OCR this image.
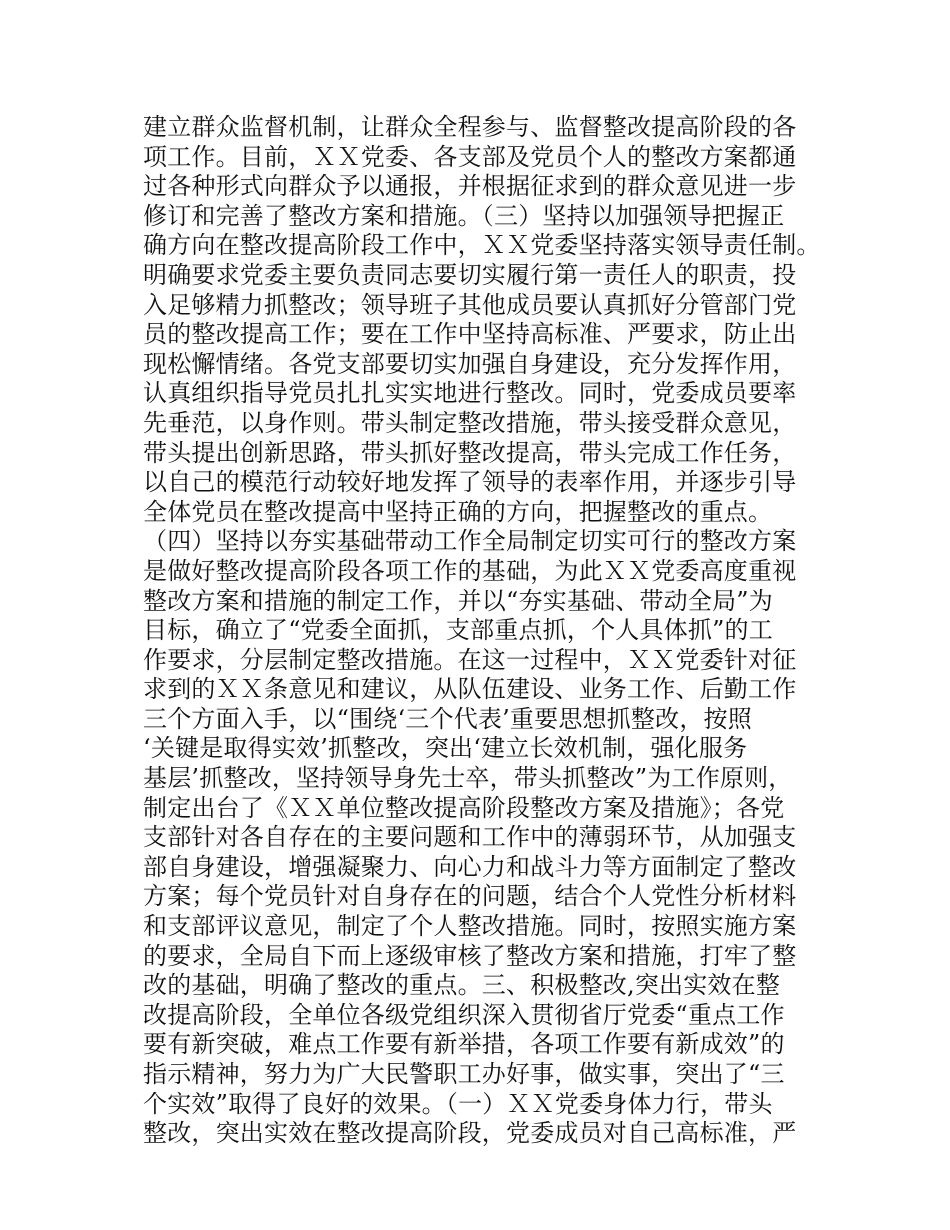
建立群众监督机制，让群众全程参与、监督整改提高阶段的各
项工作。目前，ＸＸ党委、各支部及党员个人的整改方案都通
过各种形式向群众予以通报，并根据征求到的群众意见进一步
修订和完善了整改方案和措施。（三）坚持以加强领导把握正
确方向在整改提高阶段工作中，ＸＸ党委坚持落实领导责任制。
明确要求党委主要负责同志要切实履行第一责任人的职责，投
入足够精力抓整改；领导班子其他成员要认真抓好分管部门党
员的整改提高工作；要在工作中坚持高标准、严要求，防止出
现松懈情绪。各党支部要切实加强自身建设，充分发挥作用，
认真组织指导党员扎扎实实地进行整改。同时，党委成员要率
先垂范，以身作则。带头制定整改措施，带头接受群众意见，
带头提出创新思路，带头抓好整改提高，带头完成工作任务，
以自己的模范行动较好地发挥了领导的表率作用，并逐步引导
全体党员在整改提高中坚持正确的方向，把握整改的重点。
（四）坚持以夯实基础带动工作全局制定切实可行的整改方案
是做好整改提高阶段各项工作的基础，为此ＸＸ党委高度重视
整改方案和措施的制定工作，并以“夯实基础、带动全局”为
目标，确立了“党委全面抓，支部重点抓，个人具体抓”的工
作要求，分层制定整改措施。在这一过程中，ＸＸ党委针对征
求到的ＸＸ条意见和建议，从队伍建设、业务工作、后勤工作
三个方面入手，以“围绕‘三个代表’重要思想抓整改，按照
‘关键是取得实效’抓整改，突出‘建立长效机制，强化服务
基层’抓整改，坚持领导身先士卒，带头抓整改”为工作原则，
制定出台了《ＸＸ单位整改提高阶段整改方案及措施》；各党
支部针对各自存在的主要问题和工作中的薄弱环节，从加强支
部自身建设，增强凝聚力、向心力和战斗力等方面制定了整改
方案；每个党员针对自身存在的问题，结合个人党性分析材料
和支部评议意见，制定了个人整改措施。同时，按照实施方案
的要求，全局自下而上逐级审核了整改方案和措施，打牢了整
改的基础，明确了整改的重点。三、积极整改,突出实效在整
改提高阶段，全单位各级党组织深入贯彻省厅党委“重点工作
要有新突破，难点工作要有新举措，各项工作要有新成效”的
指示精神，努力为广大民警职工办好事，做实事，突出了“三
个实效”取得了良好的效果。（一）ＸＸ党委身体力行，带头
整改，突出实效在整改提高阶段，党委成员对自己高标准，严
